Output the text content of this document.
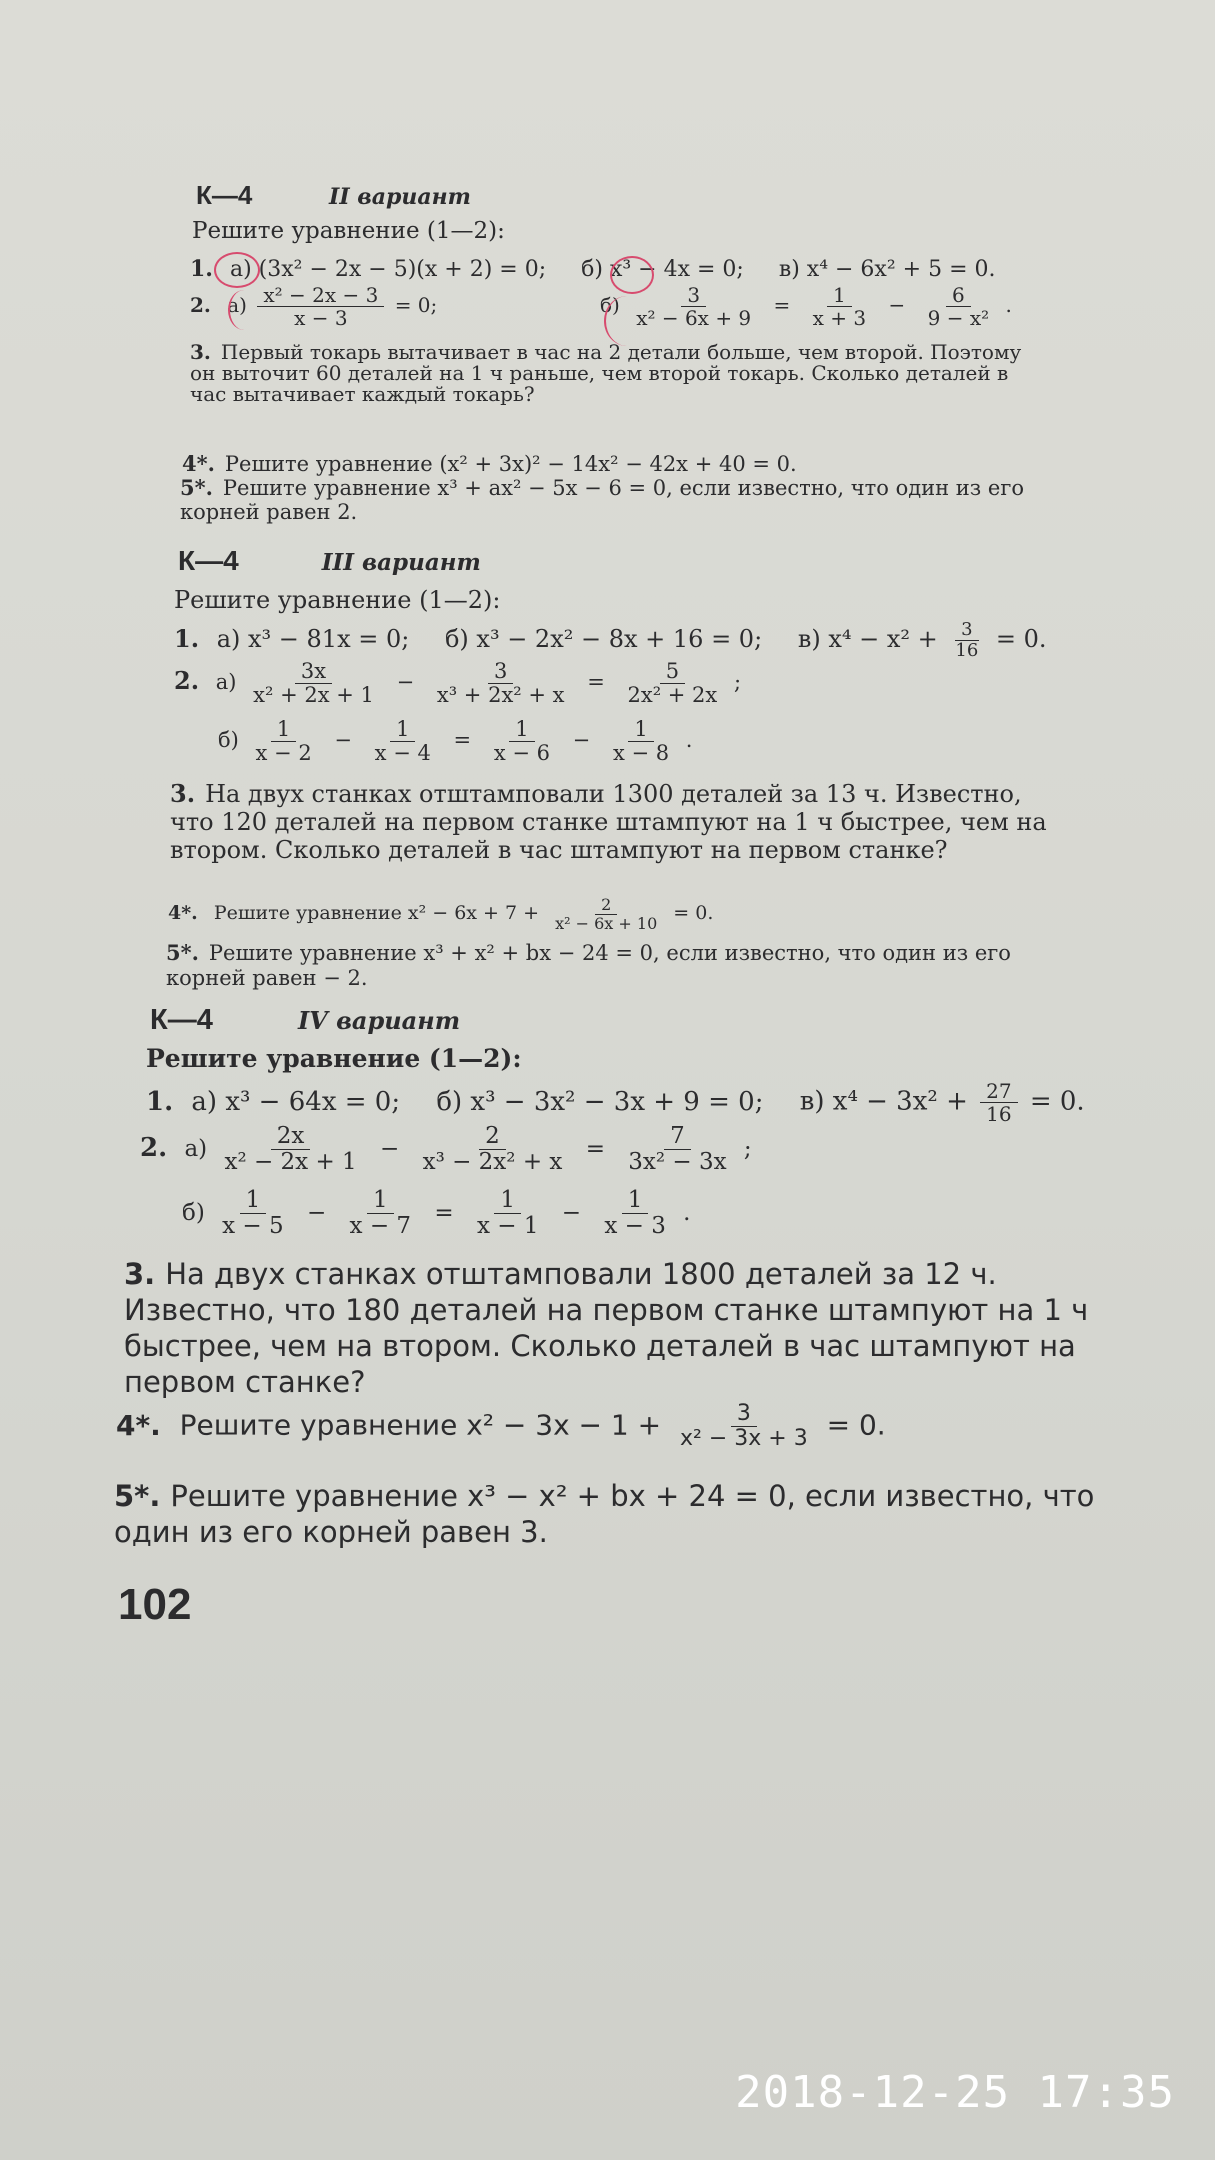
К—4	II вариант
Решите уравнение (1—2):
1. а) (3x² − 2x − 5)(x + 2) = 0; б) x³ − 4x = 0; в) x⁴ − 6x² + 5 = 0.
2. $а) \frac{\text{x² − 2x − 3}}{x - 3} = 0$;	$б) \frac{3}{\text{x² − 6x + 9}} = \frac{1}{x + 3} - \frac{6}{\text{9 − x²}}$ .
3. Первый токарь вытачивает в час на 2 детали больше, чем второй. Поэтому он выточит 60 деталей на 1 ч раньше, чем второй токарь. Сколько деталей в час вытачивает каждый токарь?
4*. Решите уравнение (x² + 3x)² − 14x² − 42x + 40 = 0.
5*. Решите уравнение x³ + ax² − 5x − 6 = 0, если известно, что один из его корней равен 2.
К—4	III вариант
Решите уравнение (1—2):
1. а) x³ − 81x = 0; б) x³ − 2x² − 8x + 16 = 0; в) $x^4 - x^2 + \frac{3}{16} = 0$.
2. $а) \frac{3x}{\text{x² + 2x + 1}} - \frac{3}{\text{x³ + 2x² + x}} = \frac{5}{\text{2x² + 2x}}$ ;
$б) \frac{1}{x - 2} - \frac{1}{x - 4} = \frac{1}{x - 6} - \frac{1}{x - 8}$ .
3. На двух станках отштамповали 1300 деталей за 13 ч. Известно, что 120 деталей на первом станке штампуют на 1 ч быстрее, чем на втором. Сколько деталей в час штампуют на первом станке?
4*. Решите уравнение $x^2 - 6x + 7 + \frac{2}{\text{x² − 6x + 10}} = 0$.
5*. Решите уравнение x³ + x² + bx − 24 = 0, если известно, что один из его корней равен − 2.
К—4	IV вариант
Решите уравнение (1—2):
1. а) x³ − 64x = 0; б) x³ − 3x² − 3x + 9 = 0; в) $x^4 - 3x^2 + \frac{27}{16} = 0$.
2. $а) \frac{2x}{\text{x² − 2x + 1}} - \frac{2}{\text{x³ − 2x² + x}} = \frac{7}{\text{3x² − 3x}}$ ;
$б) \frac{1}{x - 5} - \frac{1}{x - 7} = \frac{1}{x - 1} - \frac{1}{x - 3}$ .
3. На двух станках отштамповали 1800 деталей за 12 ч. Известно, что 180 деталей на первом станке штампуют на 1 ч быстрее, чем на втором. Сколько деталей в час штампуют на первом станке?
4*. Решите уравнение $x^2 - 3x - 1 + \frac{3}{\text{x² − 3x + 3}} = 0$.
5*. Решите уравнение x³ − x² + bx + 24 = 0, если известно, что один из его корней равен 3.
102
2018-12-25 17:35
